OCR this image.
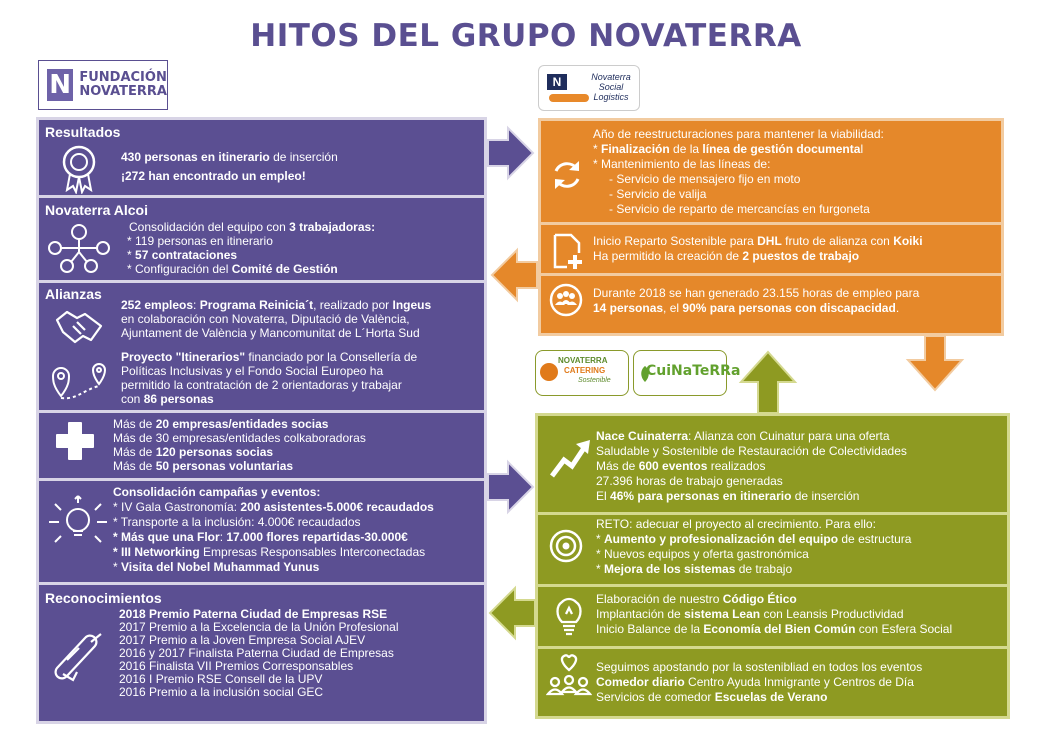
HITOS DEL GRUPO NOVATERRA
N FUNDACIÓN
NOVATERRA
N	Novaterra
Social
Logistics
NOVATERRA
CATERING
Sostenible
CuiNaTeRRa
Resultados
430 personas en itinerario de inserción
¡272 han encontrado un empleo!
Novaterra Alcoi
Consolidación del equipo con 3 trabajadoras:
* 119 personas en itinerario
* 57 contrataciones
* Configuración del Comité de Gestión
Alianzas
252 empleos: Programa Reinicia´t, realizado por Ingeus
en colaboración con Novaterra, Diputació de València,
Ajuntament de València y Mancomunitat de L´Horta Sud
Proyecto "Itinerarios" financiado por la Consellería de
Políticas Inclusivas y el Fondo Social Europeo ha
permitido la contratación de 2 orientadoras y trabajar
con 86 personas
Más de 20 empresas/entidades socias
Más de 30 empresas/entidades colkaboradoras
Más de 120 personas socias
Más de 50 personas voluntarias
Consolidación campañas y eventos:
* IV Gala Gastronomía: 200 asistentes-5.000€ recaudados
* Transporte a la inclusión: 4.000€ recaudados
* Más que una Flor: 17.000 flores repartidas-30.000€
* III Networking Empresas Responsables Interconectadas
* Visita del Nobel Muhammad Yunus
Reconocimientos
2018 Premio Paterna Ciudad de Empresas RSE
2017 Premio a la Excelencia de la Unión Profesional
2017 Premio a la Joven Empresa Social AJEV
2016 y 2017 Finalista Paterna Ciudad de Empresas
2016 Finalista VII Premios Corresponsables
2016 I Premio RSE Consell de la UPV
2016 Premio a la inclusión social GEC
Año de reestructuraciones para mantener la viabilidad:
* Finalización de la línea de gestión documental
* Mantenimiento de las líneas de:
- Servicio de mensajero fijo en moto
- Servicio de valija
- Servicio de reparto de mercancías en furgoneta
Inicio Reparto Sostenible para DHL fruto de alianza con Koiki
Ha permitido la creación de 2 puestos de trabajo
Durante 2018 se han generado 23.155 horas de empleo para
14 personas, el 90% para personas con discapacidad.
Nace Cuinaterra: Alianza con Cuinatur para una oferta
Saludable y Sostenible de Restauración de Colectividades
Más de 600 eventos realizados
27.396 horas de trabajo generadas
El 46% para personas en itinerario de inserción
RETO: adecuar el proyecto al crecimiento. Para ello:
* Aumento y profesionalización del equipo de estructura
* Nuevos equipos y oferta gastronómica
* Mejora de los sistemas de trabajo
Elaboración de nuestro Código Ético
Implantación de sistema Lean con Leansis Productividad
Inicio Balance de la Economía del Bien Común con Esfera Social
Seguimos apostando por la sostenibliad en todos los eventos
Comedor diario Centro Ayuda Inmigrante y Centros de Día
Servicios de comedor Escuelas de Verano
